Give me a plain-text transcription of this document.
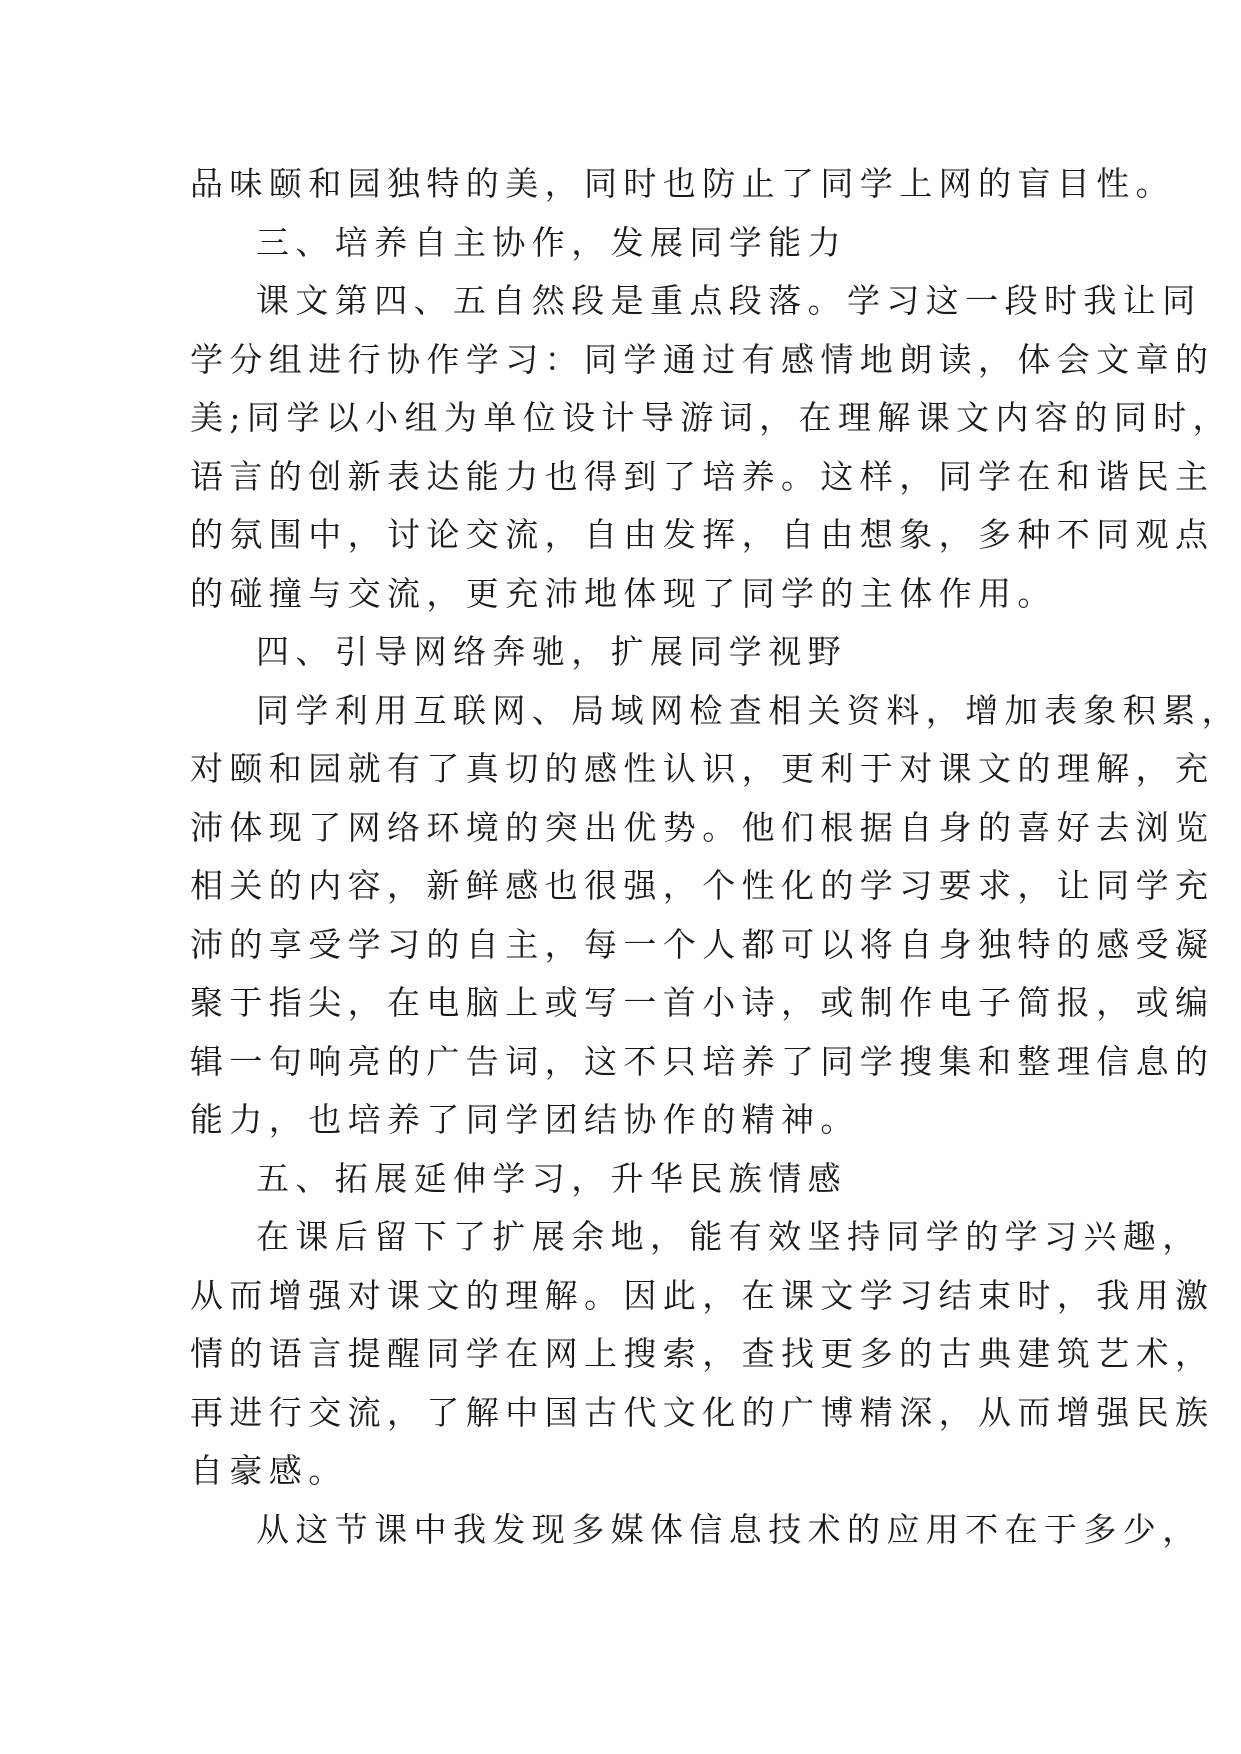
品味颐和园独特的美，同时也防止了同学上网的盲目性。
三、培养自主协作，发展同学能力
课文第四、五自然段是重点段落。学习这一段时我让同
学分组进行协作学习：同学通过有感情地朗读，体会文章的
美;同学以小组为单位设计导游词，在理解课文内容的同时，
语言的创新表达能力也得到了培养。这样，同学在和谐民主
的氛围中，讨论交流，自由发挥，自由想象，多种不同观点
的碰撞与交流，更充沛地体现了同学的主体作用。
四、引导网络奔驰，扩展同学视野
同学利用互联网、局域网检查相关资料，增加表象积累，
对颐和园就有了真切的感性认识，更利于对课文的理解，充
沛体现了网络环境的突出优势。他们根据自身的喜好去浏览
相关的内容，新鲜感也很强，个性化的学习要求，让同学充
沛的享受学习的自主，每一个人都可以将自身独特的感受凝
聚于指尖，在电脑上或写一首小诗，或制作电子简报，或编
辑一句响亮的广告词，这不只培养了同学搜集和整理信息的
能力，也培养了同学团结协作的精神。
五、拓展延伸学习，升华民族情感
在课后留下了扩展余地，能有效坚持同学的学习兴趣，
从而增强对课文的理解。因此，在课文学习结束时，我用激
情的语言提醒同学在网上搜索，查找更多的古典建筑艺术，
再进行交流，了解中国古代文化的广博精深，从而增强民族
自豪感。
从这节课中我发现多媒体信息技术的应用不在于多少，
